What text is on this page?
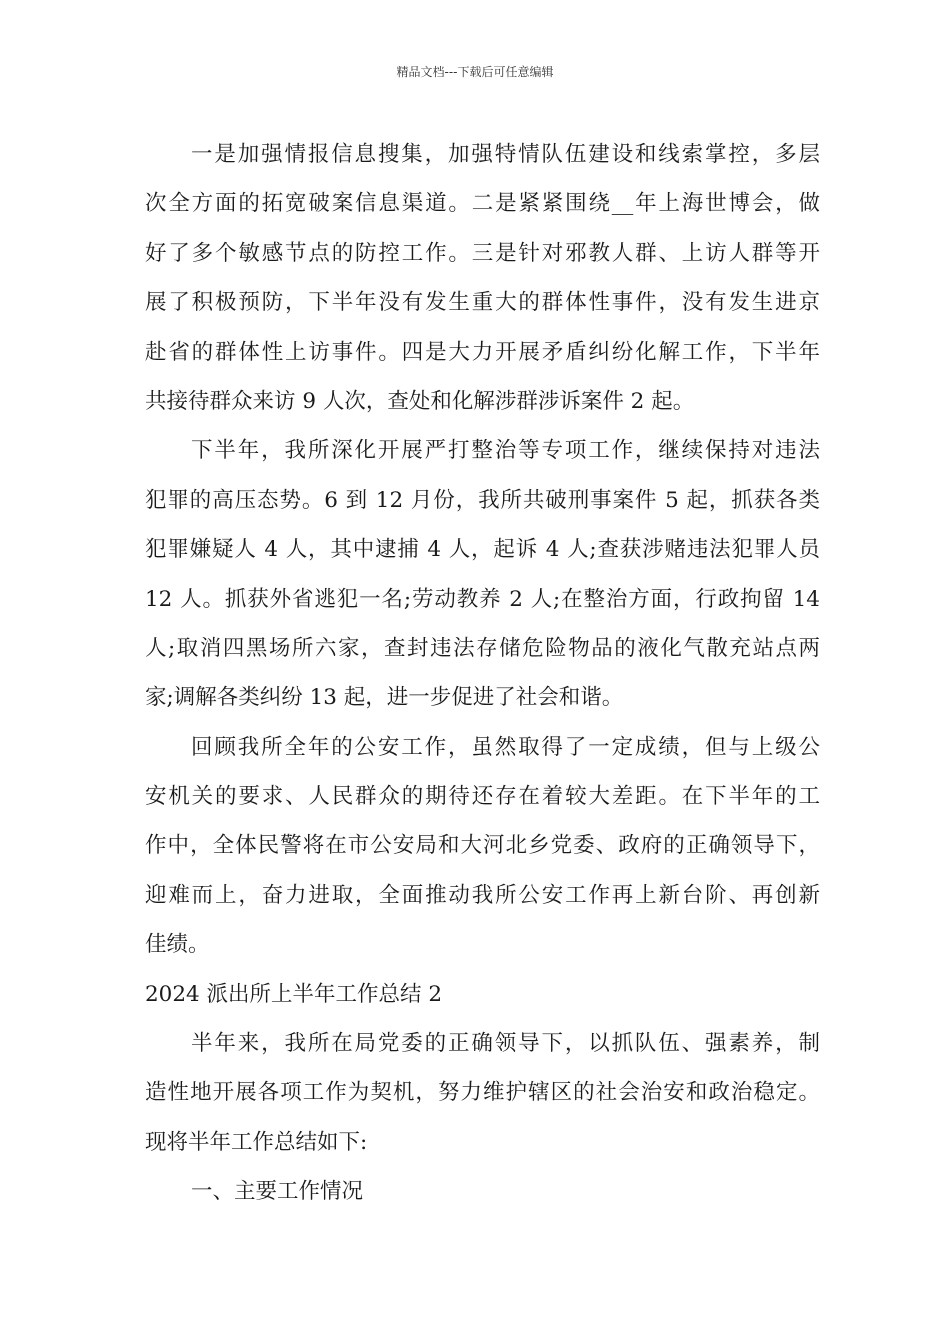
精品文档---下载后可任意编辑
一是加强情报信息搜集，加强特情队伍建设和线索掌控，多层
次全方面的拓宽破案信息渠道。二是紧紧围绕__年上海世博会，做
好了多个敏感节点的防控工作。三是针对邪教人群、上访人群等开
展了积极预防，下半年没有发生重大的群体性事件，没有发生进京
赴省的群体性上访事件。四是大力开展矛盾纠纷化解工作，下半年
共接待群众来访 9 人次，查处和化解涉群涉诉案件 2 起。
下半年，我所深化开展严打整治等专项工作，继续保持对违法
犯罪的高压态势。6 到 12 月份，我所共破刑事案件 5 起，抓获各类
犯罪嫌疑人 4 人，其中逮捕 4 人，起诉 4 人;查获涉赌违法犯罪人员
12 人。抓获外省逃犯一名;劳动教养 2 人;在整治方面，行政拘留 14
人;取消四黑场所六家，查封违法存储危险物品的液化气散充站点两
家;调解各类纠纷 13 起，进一步促进了社会和谐。
回顾我所全年的公安工作，虽然取得了一定成绩，但与上级公
安机关的要求、人民群众的期待还存在着较大差距。在下半年的工
作中，全体民警将在市公安局和大河北乡党委、政府的正确领导下，
迎难而上，奋力进取，全面推动我所公安工作再上新台阶、再创新
佳绩。
2024 派出所上半年工作总结 2
半年来，我所在局党委的正确领导下，以抓队伍、强素养，制
造性地开展各项工作为契机，努力维护辖区的社会治安和政治稳定。
现将半年工作总结如下:
一、主要工作情况
